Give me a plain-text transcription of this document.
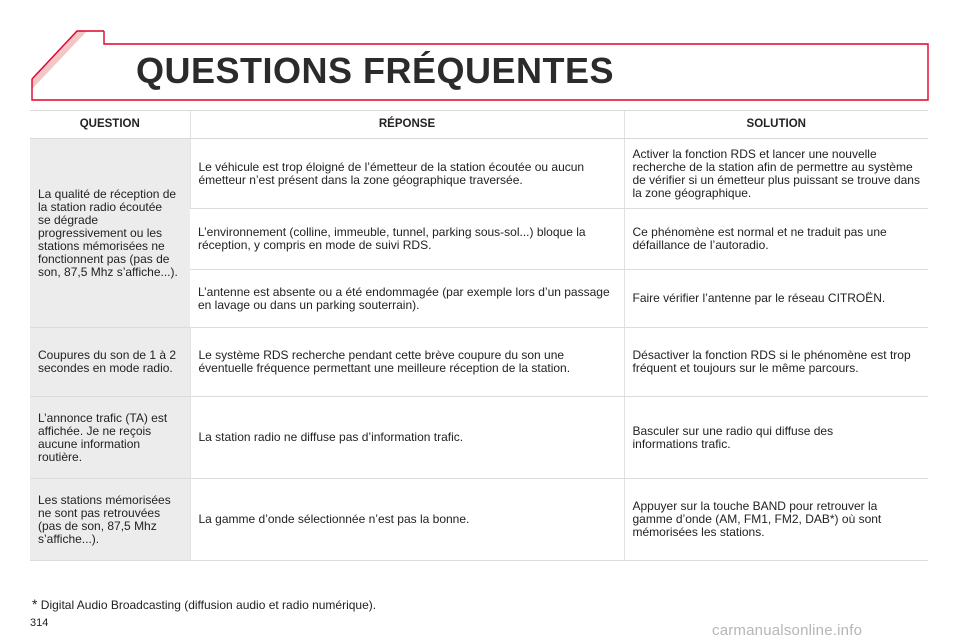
QUESTIONS FRÉQUENTES
QUESTION	RÉPONSE	SOLUTION

La qualité de réception de la station radio écoutée se dégrade progressivement ou les stations mémorisées ne fonctionnent pas (pas de son, 87,5 Mhz s’affiche...).	Le véhicule est trop éloigné de l’émetteur de la station écoutée ou aucun émetteur n’est présent dans la zone géographique traversée.	Activer la fonction RDS et lancer une nouvelle recherche de la station afin de permettre au système de vérifier si un émetteur plus puissant se trouve dans la zone géographique.

	L’environnement (colline, immeuble, tunnel, parking sous-sol...) bloque la réception, y compris en mode de suivi RDS.	Ce phénomène est normal et ne traduit pas une défaillance de l’autoradio.

	L’antenne est absente ou a été endommagée (par exemple lors d’un passage en lavage ou dans un parking souterrain).	Faire vérifier l’antenne par le réseau CITROËN.

Coupures du son de 1 à 2 secondes en mode radio.	Le système RDS recherche pendant cette brève coupure du son une éventuelle fréquence permettant une meilleure réception de la station.	Désactiver la fonction RDS si le phénomène est trop fréquent et toujours sur le même parcours.

L’annonce trafic (TA) est affichée. Je ne reçois aucune information routière.	La station radio ne diffuse pas d’information trafic.	Basculer sur une radio qui diffuse des informations trafic.

Les stations mémorisées ne sont pas retrouvées (pas de son, 87,5 Mhz s’affiche...).	La gamme d’onde sélectionnée n’est pas la bonne.	Appuyer sur la touche BAND pour retrouver la gamme d’onde (AM, FM1, FM2, DAB*) où sont mémorisées les stations.
* Digital Audio Broadcasting (diffusion audio et radio numérique).
314	carmanualsonline.info
